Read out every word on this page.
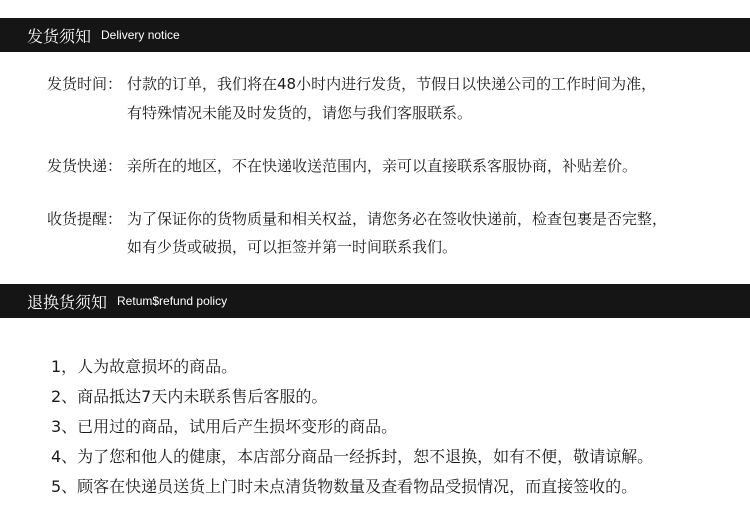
发货须知 Delivery notice
发货时间： 付款的订单，我们将在48小时内进行发货，节假日以快递公司的工作时间为准，
有特殊情况未能及时发货的，请您与我们客服联系。
发货快递： 亲所在的地区，不在快递收送范围内，亲可以直接联系客服协商，补贴差价。
收货提醒： 为了保证你的货物质量和相关权益，请您务必在签收快递前，检查包裹是否完整，
如有少货或破损，可以拒签并第一时间联系我们。
退换货须知 Retum$refund policy
1，人为故意损坏的商品。
2、商品抵达7天内未联系售后客服的。
3、已用过的商品，试用后产生损坏变形的商品。
4、为了您和他人的健康，本店部分商品一经拆封，恕不退换，如有不便，敬请谅解。
5、顾客在快递员送货上门时未点清货物数量及查看物品受损情况，而直接签收的。
